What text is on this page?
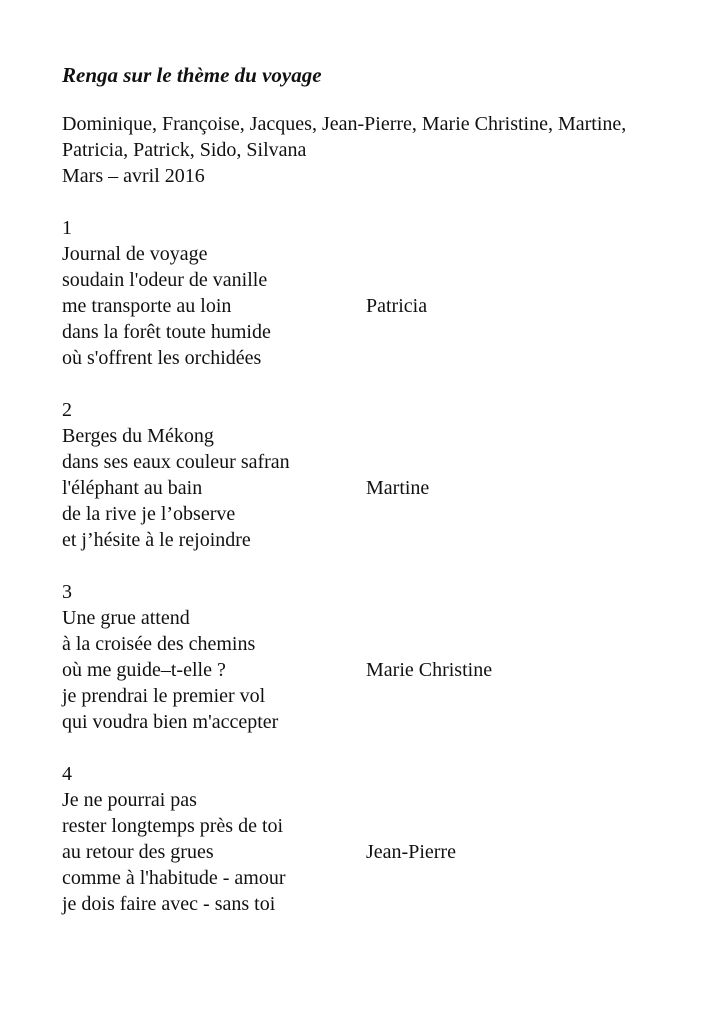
Renga sur le thème du voyage
Dominique, Françoise, Jacques, Jean-Pierre, Marie Christine, Martine,
Patricia, Patrick, Sido, Silvana
Mars – avril 2016
1
Journal de voyage
soudain l'odeur de vanille
me transporte au loin
dans la forêt toute humide
où s'offrent les orchidées
Patricia
2
Berges du Mékong
dans ses eaux couleur safran
l'éléphant au bain
de la rive je l’observe
et j’hésite à le rejoindre
Martine
3
Une grue attend
à la croisée des chemins
où me guide–t-elle ?
je prendrai le premier vol
qui voudra bien m'accepter
Marie Christine
4
Je ne pourrai pas
rester longtemps près de toi
au retour des grues
comme à l'habitude - amour
je dois faire avec - sans toi
Jean-Pierre
